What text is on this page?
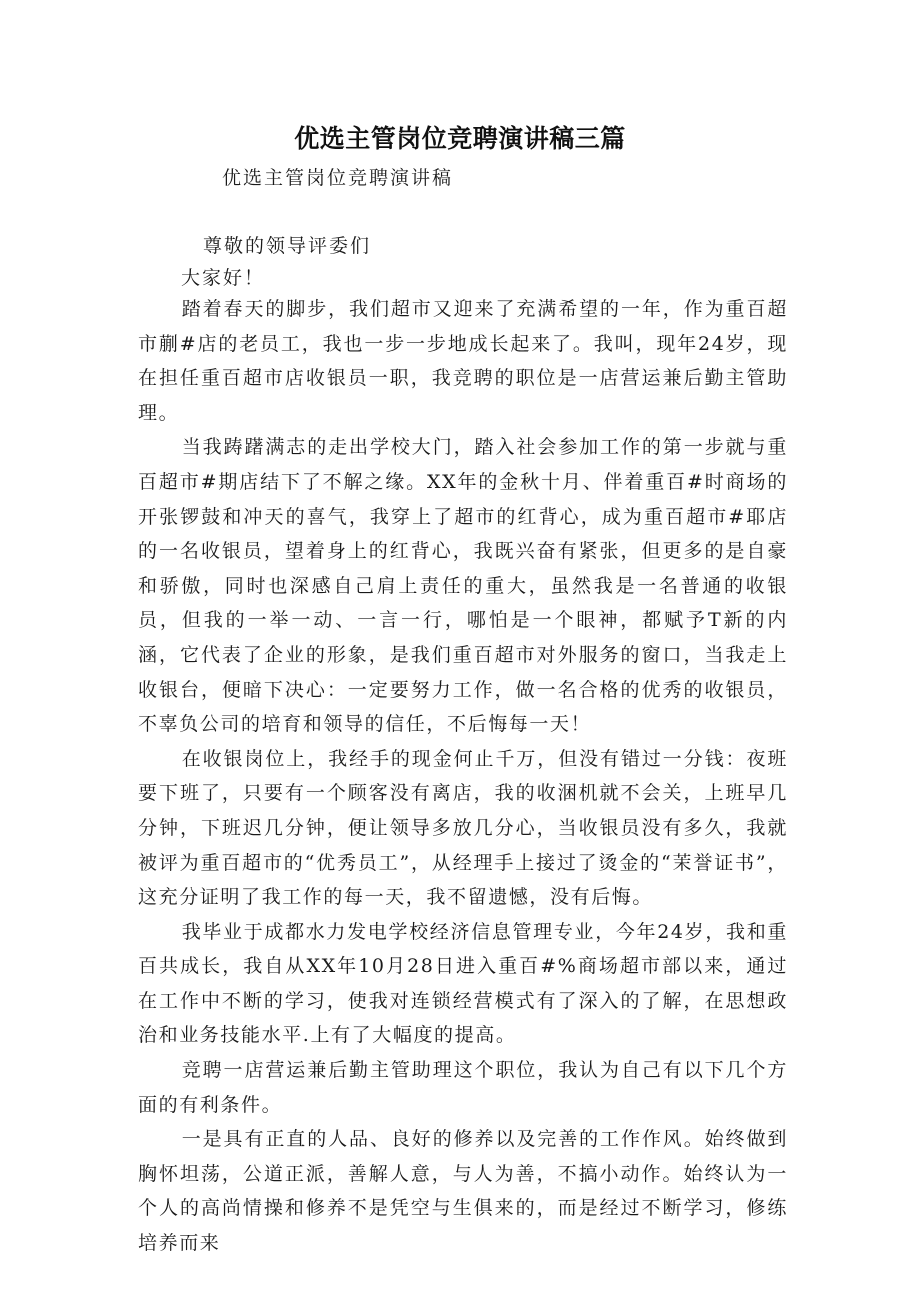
优选主管岗位竞聘演讲稿三篇
优选主管岗位竞聘演讲稿
尊敬的领导评委们
大家好！

踏着春天的脚步，我们超市又迎来了充满希望的一年，作为重百超市蒯#店的老员工，我也一步一步地成长起来了。我叫，现年24岁，现在担任重百超市店收银员一职，我竞聘的职位是一店营运兼后勤主管助理。

当我踌躇满志的走出学校大门，踏入社会参加工作的第一步就与重百超市#期店结下了不解之缘。XX年的金秋十月、伴着重百#时商场的开张锣鼓和冲天的喜气，我穿上了超市的红背心，成为重百超市#耶店的一名收银员，望着身上的红背心，我既兴奋有紧张，但更多的是自豪和骄傲，同时也深感自己肩上责任的重大，虽然我是一名普通的收银员，但我的一举一动、一言一行，哪怕是一个眼神，都赋予T新的内涵，它代表了企业的形象，是我们重百超市对外服务的窗口，当我走上收银台，便暗下决心：一定要努力工作，做一名合格的优秀的收银员，不辜负公司的培育和领导的信任，不后悔每一天！

在收银岗位上，我经手的现金何止千万，但没有错过一分钱：夜班要下班了，只要有一个顾客没有离店，我的收涃机就不会关，上班早几分钟，下班迟几分钟，便让领导多放几分心，当收银员没有多久，我就被评为重百超市的“优秀员工”，从经理手上接过了烫金的“茉誉证书”，这充分证明了我工作的每一天，我不留遗憾，没有后悔。

我毕业于成都水力发电学校经济信息管理专业，今年24岁，我和重百共成长，我自从XX年10月28日进入重百#%商场超市部以来，通过在工作中不断的学习，使我对连锁经营模式有了深入的了解，在思想政治和业务技能水平.上有了大幅度的提高。

竞聘一店营运兼后勤主管助理这个职位，我认为自己有以下几个方面的有利条件。

一是具有正直的人品、良好的修养以及完善的工作作风。始终做到胸怀坦荡，公道正派，善解人意，与人为善，不搞小动作。始终认为一个人的高尚情操和修养不是凭空与生俱来的，而是经过不断学习，修练培养而来
